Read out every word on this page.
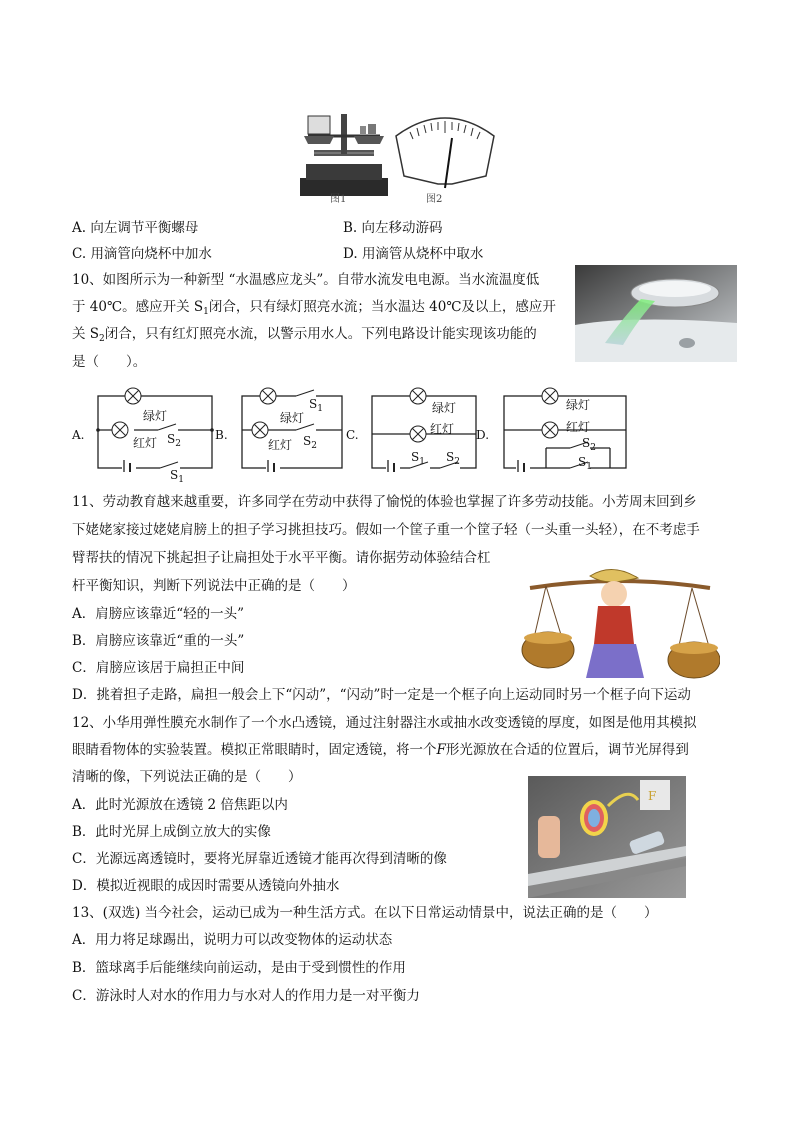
图1	图2
A. 向左调节平衡螺母	B. 向左移动游码
C. 用滴管向烧杯中加水	D. 用滴管从烧杯中取水
10、如图所示为一种新型 “水温感应龙头”。自带水流发电电源。当水流温度低
于 40℃。感应开关 $S_1$闭合，只有绿灯照亮水流；当水温达 40℃及以上，感应开
关 $S_2$闭合，只有红灯照亮水流，以警示用水人。下列电路设计能实现该功能的
是（　　）。
A.
绿灯
红灯 $S_2$
$S_1$
B.
$S_1$
绿灯
红灯 $S_2$
C.
绿灯
红灯
$S_1$ $S_2$
D.
绿灯
红灯
$S_2$
$S_1$
11、劳动教育越来越重要，许多同学在劳动中获得了愉悦的体验也掌握了许多劳动技能。小芳周末回到乡
下姥姥家接过姥姥肩膀上的担子学习挑担技巧。假如一个筐子重一个筐子轻（一头重一头轻），在不考虑手
臂帮扶的情况下挑起担子让扁担处于水平平衡。请你据劳动体验结合杠
杆平衡知识，判断下列说法中正确的是（　　）
A．肩膀应该靠近“轻的一头”
B．肩膀应该靠近“重的一头”
C．肩膀应该居于扁担正中间
D．挑着担子走路，扁担一般会上下“闪动”，“闪动”时一定是一个框子向上运动同时另一个框子向下运动
12、小华用弹性膜充水制作了一个水凸透镜，通过注射器注水或抽水改变透镜的厚度，如图是他用其模拟
眼睛看物体的实验装置。模拟正常眼睛时，固定透镜，将一个F形光源放在合适的位置后，调节光屏得到
清晰的像，下列说法正确的是（　　）
F
A．此时光源放在透镜 2 倍焦距以内
B．此时光屏上成倒立放大的实像
C．光源远离透镜时，要将光屏靠近透镜才能再次得到清晰的像
D．模拟近视眼的成因时需要从透镜向外抽水
13、(双选) 当今社会，运动已成为一种生活方式。在以下日常运动情景中，说法正确的是（　　）
A．用力将足球踢出，说明力可以改变物体的运动状态
B．篮球离手后能继续向前运动，是由于受到惯性的作用
C．游泳时人对水的作用力与水对人的作用力是一对平衡力
